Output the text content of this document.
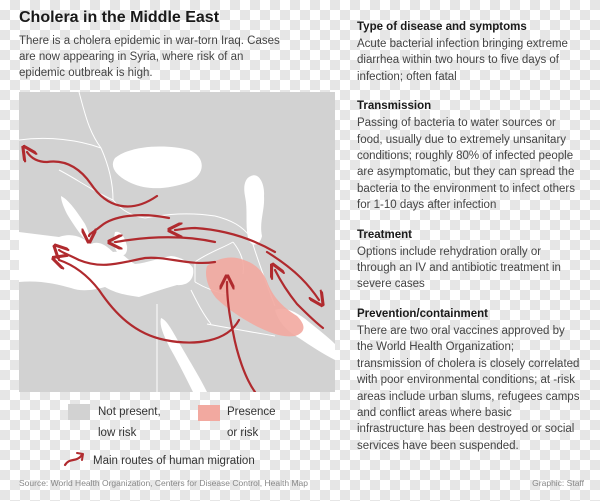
Cholera in the Middle East
There is a cholera epidemic in war-torn Iraq. Cases are now appearing in Syria, where risk of an epidemic outbreak is high.
Not present,
low risk
Presence
or risk
Main routes of human migration
Type of disease and symptoms

Acute bacterial infection bringing extreme diarrhea within two hours to five days of infection; often fatal

Transmission

Passing of bacteria to water sources or food, usually due to extremely unsanitary conditions; roughly 80% of infected people are asymptomatic, but they can spread the bacteria to the environment to infect others for 1-10 days after infection

Treatment

Options include rehydration orally or through an IV and antibiotic treatment in severe cases

Prevention/containment

There are two oral vaccines approved by the World Health Organization; transmission of cholera is closely correlated with poor environmental conditions; at -risk areas include urban slums, refugees camps and conflict areas where basic infrastructure has been destroyed or social services have been suspended.

Source: World Health Organization, Centers for Disease Control, Health Map	Graphic: Staff
